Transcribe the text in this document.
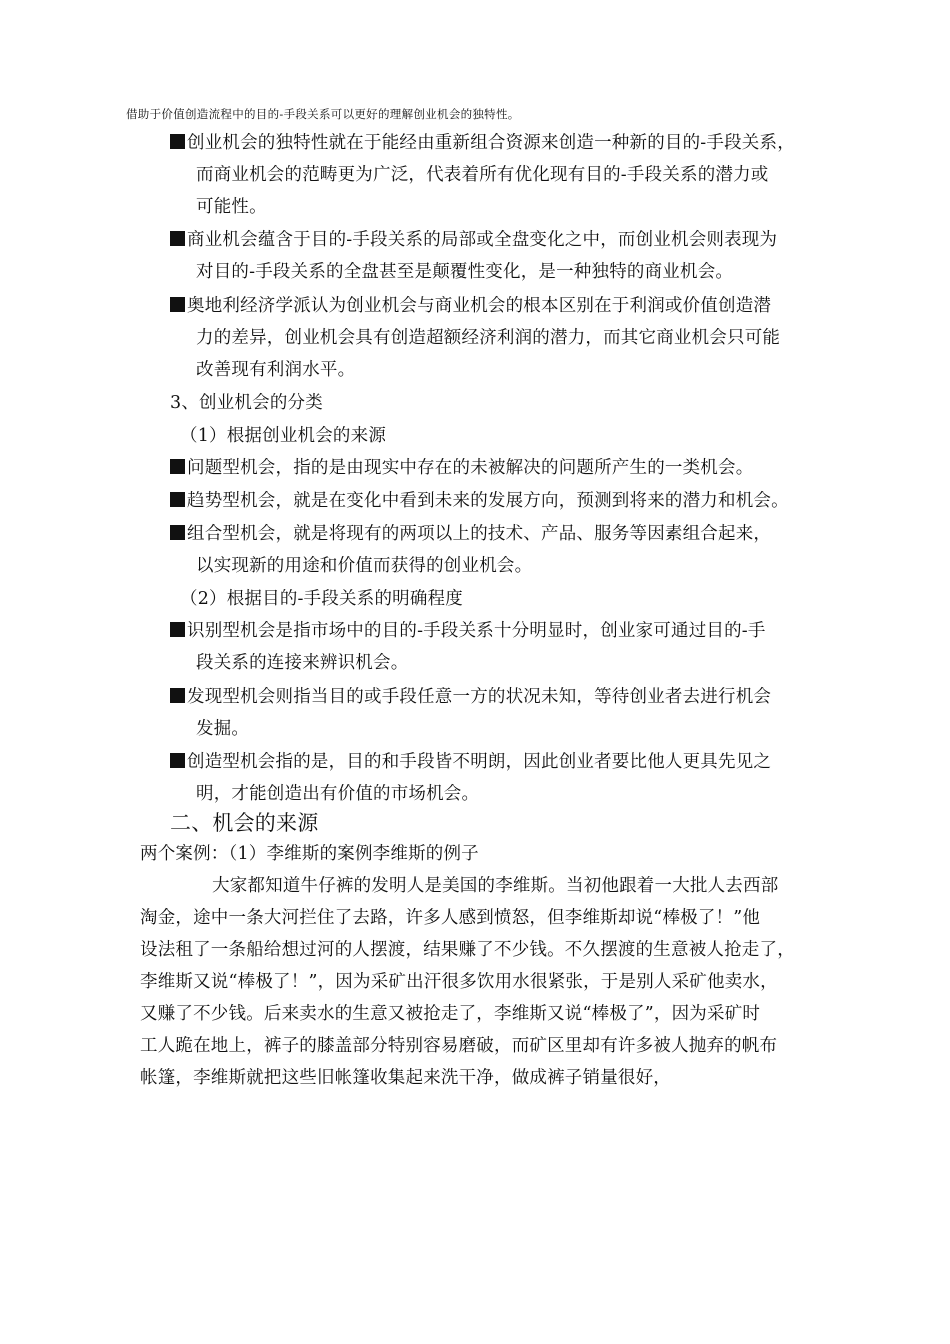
借助于价值创造流程中的目的-手段关系可以更好的理解创业机会的独特性。
创业机会的独特性就在于能经由重新组合资源来创造一种新的目的-手段关系，
而商业机会的范畴更为广泛，代表着所有优化现有目的-手段关系的潜力或
可能性。
商业机会蕴含于目的-手段关系的局部或全盘变化之中，而创业机会则表现为
对目的-手段关系的全盘甚至是颠覆性变化，是一种独特的商业机会。
奥地利经济学派认为创业机会与商业机会的根本区别在于利润或价值创造潜
力的差异，创业机会具有创造超额经济利润的潜力，而其它商业机会只可能
改善现有利润水平。
3、创业机会的分类
（1）根据创业机会的来源
问题型机会，指的是由现实中存在的未被解决的问题所产生的一类机会。
趋势型机会，就是在变化中看到未来的发展方向，预测到将来的潜力和机会。
组合型机会，就是将现有的两项以上的技术、产品、服务等因素组合起来，
以实现新的用途和价值而获得的创业机会。
（2）根据目的-手段关系的明确程度
识别型机会是指市场中的目的-手段关系十分明显时，创业家可通过目的-手
段关系的连接来辨识机会。
发现型机会则指当目的或手段任意一方的状况未知，等待创业者去进行机会
发掘。
创造型机会指的是，目的和手段皆不明朗，因此创业者要比他人更具先见之
明，才能创造出有价值的市场机会。
二、机会的来源
两个案例：（1）李维斯的案例李维斯的例子
大家都知道牛仔裤的发明人是美国的李维斯。当初他跟着一大批人去西部
淘金，途中一条大河拦住了去路，许多人感到愤怒，但李维斯却说“棒极了！”他
设法租了一条船给想过河的人摆渡，结果赚了不少钱。不久摆渡的生意被人抢走了，
李维斯又说“棒极了！”，因为采矿出汗很多饮用水很紧张，于是别人采矿他卖水，
又赚了不少钱。后来卖水的生意又被抢走了，李维斯又说“棒极了”，因为采矿时
工人跪在地上，裤子的膝盖部分特别容易磨破，而矿区里却有许多被人抛弃的帆布
帐篷，李维斯就把这些旧帐篷收集起来洗干净，做成裤子销量很好，
